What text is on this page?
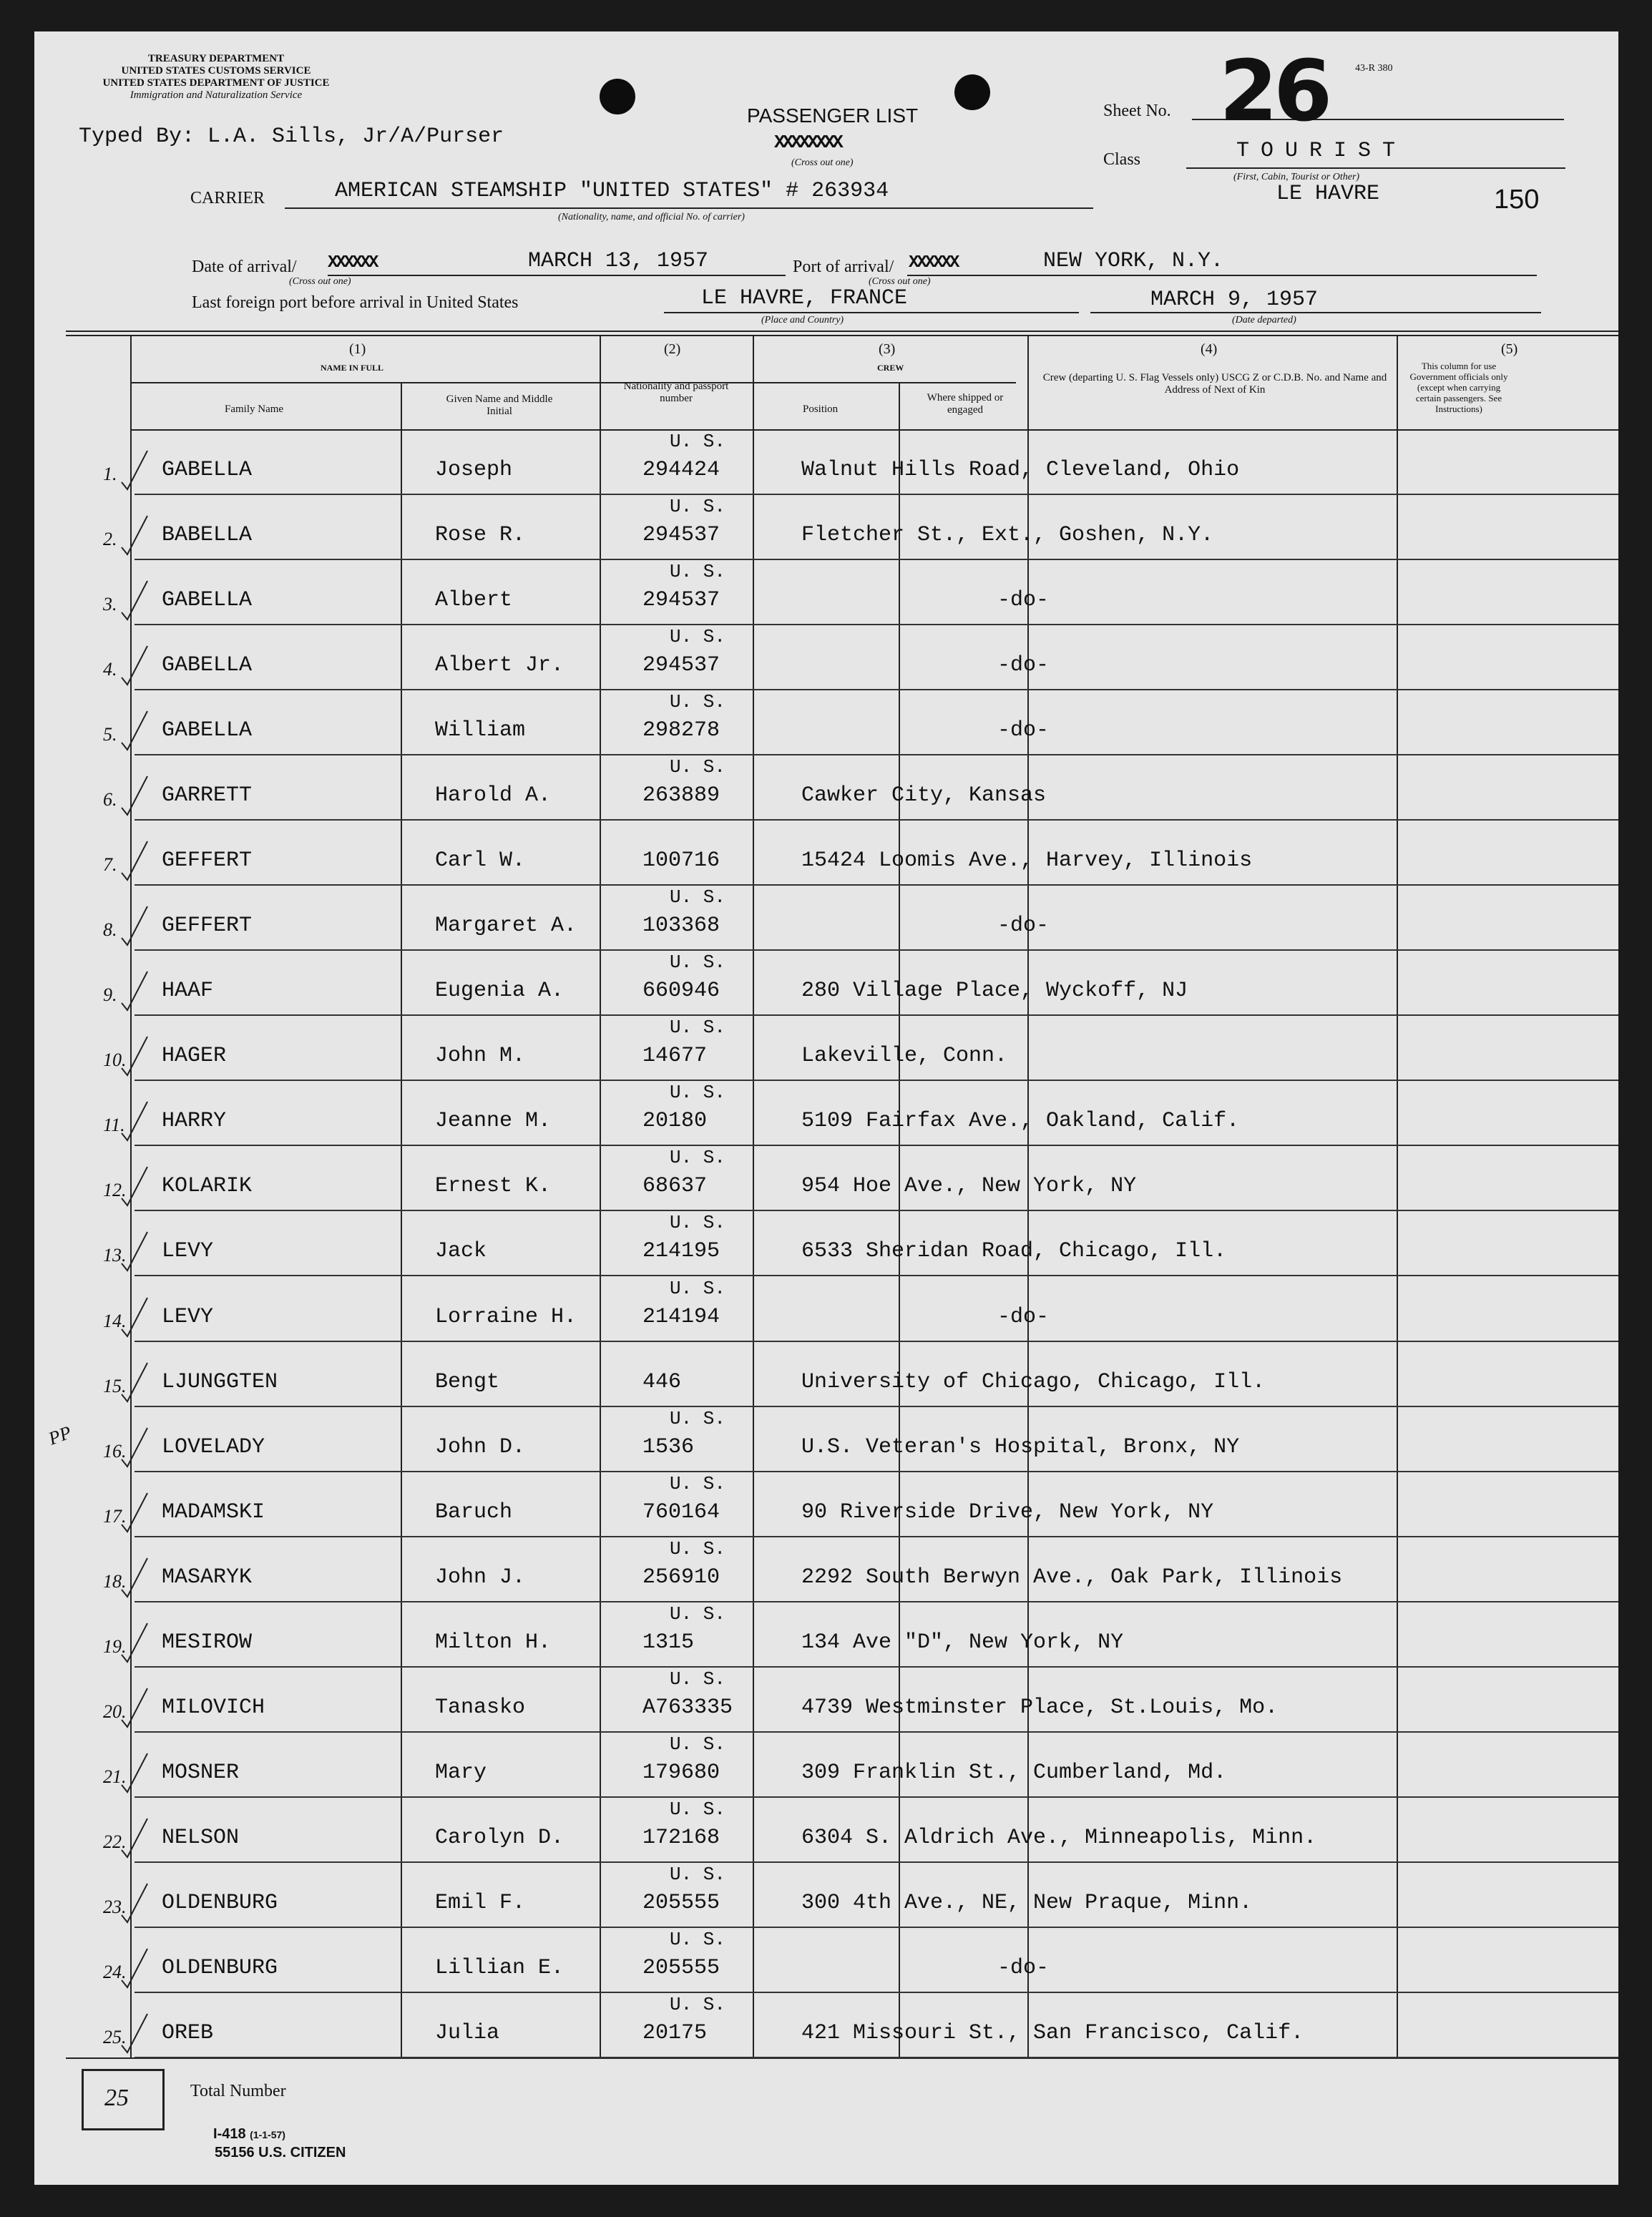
TREASURY DEPARTMENT
UNITED STATES CUSTOMS SERVICE
UNITED STATES DEPARTMENT OF JUSTICE
Immigration and Naturalization Service
Typed By: L.A. Sills, Jr/A/Purser
PASSENGER LIST
XXXXXXXX
(Cross out one)
Sheet No. 26	43-R 380
Class	TOURIST
(First, Cabin, Tourist or Other)
LE HAVRE	150
CARRIER	AMERICAN STEAMSHIP "UNITED STATES" # 263934
(Nationality, name, and official No. of carrier)
Date of arrival/ XXXXXX
(Cross out one)
MARCH 13, 1957	Port of arrival/ XXXXXX
(Cross out one)
NEW YORK, N.Y.
Last foreign port before arrival in United States	LE HAVRE, FRANCE
(Place and Country)
MARCH 9, 1957
(Date departed)
(1)
NAME IN FULL
Family Name
Given Name and Middle Initial
(2)
Nationality and passport number
(3)
CREW
Position
Where shipped or engaged
(4)
Crew (departing U. S. Flag Vessels only) USCG Z or C.D.B. No. and Name and Address of Next of Kin
(5)
This column for use Government officials only (except when carrying certain passengers. See Instructions)
1.
U. S.
GABELLA	Joseph	294424	Walnut Hills Road, Cleveland, Ohio
2.
U. S.
BABELLA	Rose R.	294537	Fletcher St., Ext., Goshen, N.Y.
3.
U. S.
GABELLA	Albert	294537	-do-
4.
U. S.
GABELLA	Albert Jr.	294537	-do-
5.
U. S.
GABELLA	William	298278	-do-
6.
U. S.
GARRETT	Harold A.	263889	Cawker City, Kansas
7. GEFFERT	Carl W.	100716	15424 Loomis Ave., Harvey, Illinois
8.
U. S.
GEFFERT	Margaret A.	103368	-do-
9.
U. S.
HAAF	Eugenia A.	660946	280 Village Place, Wyckoff, NJ
10.
U. S.
HAGER	John M.	14677	Lakeville, Conn.
11.
U. S.
HARRY	Jeanne M.	20180	5109 Fairfax Ave., Oakland, Calif.
12.
U. S.
KOLARIK	Ernest K.	68637	954 Hoe Ave., New York, NY
13.
U. S.
LEVY	Jack	214195	6533 Sheridan Road, Chicago, Ill.
14.
U. S.
LEVY	Lorraine H.	214194	-do-
15. LJUNGGTEN	Bengt	446	University of Chicago, Chicago, Ill.
16.
U. S.
LOVELADY	John D.	1536	U.S. Veteran's Hospital, Bronx, NY
17.
U. S.
MADAMSKI	Baruch	760164	90 Riverside Drive, New York, NY
18.
U. S.
MASARYK	John J.	256910	2292 South Berwyn Ave., Oak Park, Illinois
19.
U. S.
MESIROW	Milton H.	1315	134 Ave "D", New York, NY
20.
U. S.
MILOVICH	Tanasko	A763335	4739 Westminster Place, St.Louis, Mo.
21.
U. S.
MOSNER	Mary	179680	309 Franklin St., Cumberland, Md.
22.
U. S.
NELSON	Carolyn D.	172168	6304 S. Aldrich Ave., Minneapolis, Minn.
23.
U. S.
OLDENBURG	Emil F.	205555	300 4th Ave., NE, New Praque, Minn.
24.
U. S.
OLDENBURG	Lillian E.	205555	-do-
25.
U. S.
OREB	Julia	20175	421 Missouri St., San Francisco, Calif.
PP
25	Total Number
I-418 (1-1-57)
55156 U.S. CITIZEN
